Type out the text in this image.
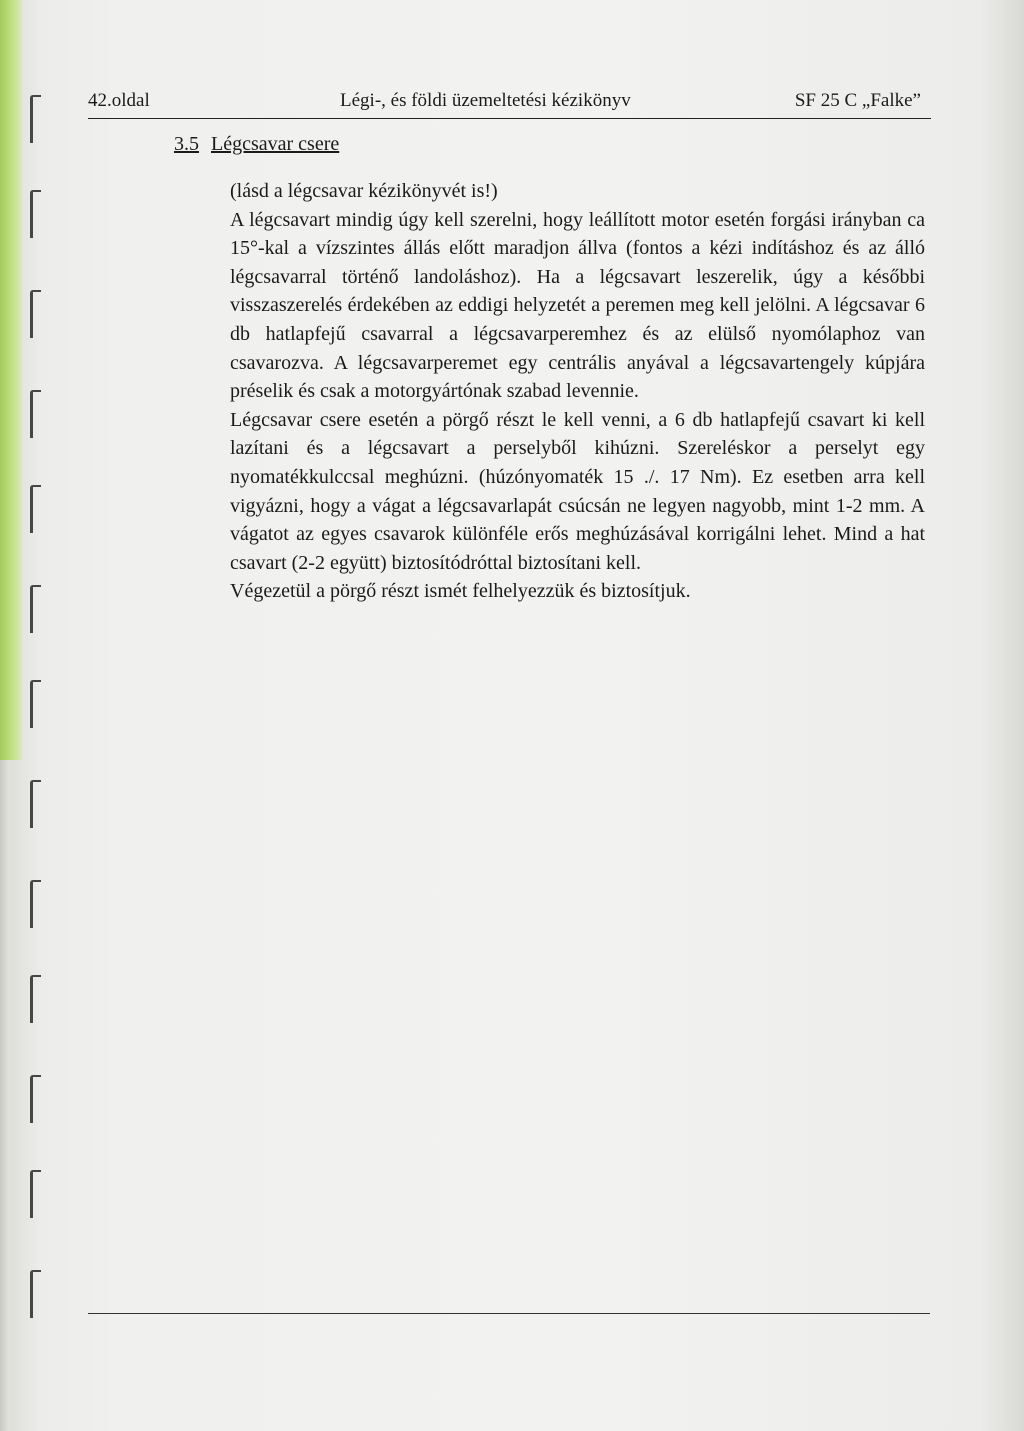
42.oldal	Légi-, és földi üzemeltetési kézikönyv	SF 25 C „Falke”
3.5 Légcsavar csere

(lásd a légcsavar kézikönyvét is!)

A légcsavart mindig úgy kell szerelni, hogy leállított motor esetén forgási irányban ca 15°-kal a vízszintes állás előtt maradjon állva (fontos a kézi indításhoz és az álló légcsavarral történő landoláshoz). Ha a légcsavart leszerelik, úgy a későbbi visszaszerelés érdekében az eddigi helyzetét a peremen meg kell jelölni. A légcsavar 6 db hatlapfejű csavarral a légcsavarperemhez és az elülső nyomólaphoz van csavarozva. A légcsavarperemet egy centrális anyával a légcsavartengely kúpjára préselik és csak a motorgyártónak szabad levennie.

Légcsavar csere esetén a pörgő részt le kell venni, a 6 db hatlapfejű csavart ki kell lazítani és a légcsavart a perselyből kihúzni. Szereléskor a perselyt egy nyomatékkulccsal meghúzni. (húzónyomaték 15 ./. 17 Nm). Ez esetben arra kell vigyázni, hogy a vágat a légcsavarlapát csúcsán ne legyen nagyobb, mint 1-2 mm. A vágatot az egyes csavarok különféle erős meghúzásával korrigálni lehet. Mind a hat csavart (2-2 együtt) biztosítódróttal biztosítani kell.

Végezetül a pörgő részt ismét felhelyezzük és biztosítjuk.
